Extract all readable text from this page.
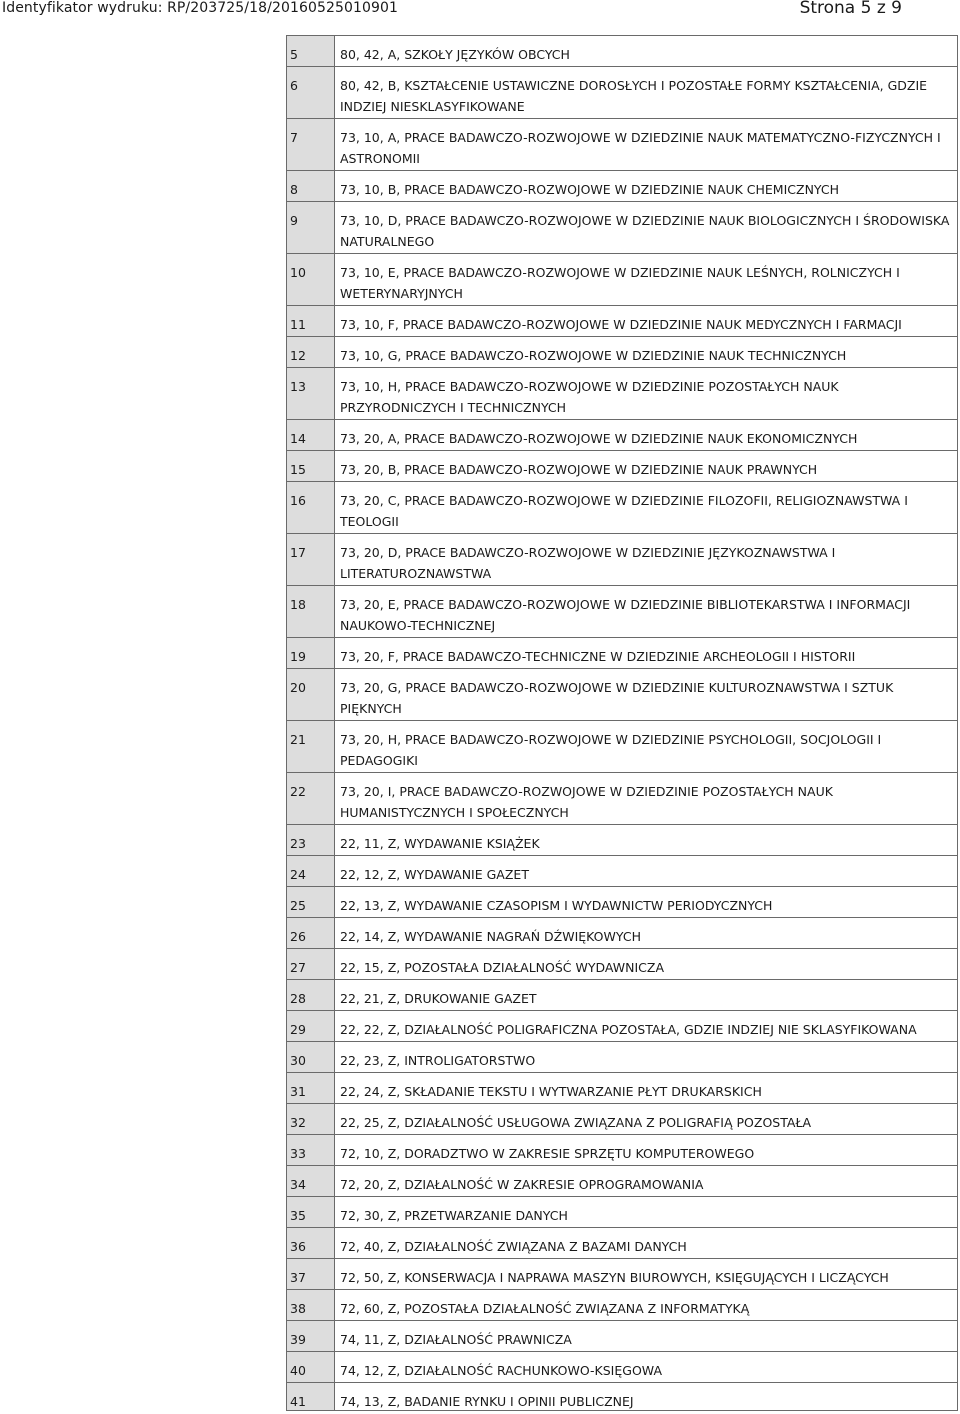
Identyfikator wydruku: RP/203725/18/20160525010901	Strona 5 z 9
5	80, 42, A, SZKOŁY JĘZYKÓW OBCYCH
6	80, 42, B, KSZTAŁCENIE USTAWICZNE DOROSŁYCH I POZOSTAŁE FORMY KSZTAŁCENIA, GDZIE INDZIEJ NIESKLASYFIKOWANE
7	73, 10, A, PRACE BADAWCZO-ROZWOJOWE W DZIEDZINIE NAUK MATEMATYCZNO-FIZYCZNYCH I ASTRONOMII
8	73, 10, B, PRACE BADAWCZO-ROZWOJOWE W DZIEDZINIE NAUK CHEMICZNYCH
9	73, 10, D, PRACE BADAWCZO-ROZWOJOWE W DZIEDZINIE NAUK BIOLOGICZNYCH I ŚRODOWISKA NATURALNEGO
10	73, 10, E, PRACE BADAWCZO-ROZWOJOWE W DZIEDZINIE NAUK LEŚNYCH, ROLNICZYCH I WETERYNARYJNYCH
11	73, 10, F, PRACE BADAWCZO-ROZWOJOWE W DZIEDZINIE NAUK MEDYCZNYCH I FARMACJI
12	73, 10, G, PRACE BADAWCZO-ROZWOJOWE W DZIEDZINIE NAUK TECHNICZNYCH
13	73, 10, H, PRACE BADAWCZO-ROZWOJOWE W DZIEDZINIE POZOSTAŁYCH NAUK PRZYRODNICZYCH I TECHNICZNYCH
14	73, 20, A, PRACE BADAWCZO-ROZWOJOWE W DZIEDZINIE NAUK EKONOMICZNYCH
15	73, 20, B, PRACE BADAWCZO-ROZWOJOWE W DZIEDZINIE NAUK PRAWNYCH
16	73, 20, C, PRACE BADAWCZO-ROZWOJOWE W DZIEDZINIE FILOZOFII, RELIGIOZNAWSTWA I TEOLOGII
17	73, 20, D, PRACE BADAWCZO-ROZWOJOWE W DZIEDZINIE JĘZYKOZNAWSTWA I LITERATUROZNAWSTWA
18	73, 20, E, PRACE BADAWCZO-ROZWOJOWE W DZIEDZINIE BIBLIOTEKARSTWA I INFORMACJI NAUKOWO-TECHNICZNEJ
19	73, 20, F, PRACE BADAWCZO-TECHNICZNE W DZIEDZINIE ARCHEOLOGII I HISTORII
20	73, 20, G, PRACE BADAWCZO-ROZWOJOWE W DZIEDZINIE KULTUROZNAWSTWA I SZTUK PIĘKNYCH
21	73, 20, H, PRACE BADAWCZO-ROZWOJOWE W DZIEDZINIE PSYCHOLOGII, SOCJOLOGII I PEDAGOGIKI
22	73, 20, I, PRACE BADAWCZO-ROZWOJOWE W DZIEDZINIE POZOSTAŁYCH NAUK HUMANISTYCZNYCH I SPOŁECZNYCH
23	22, 11, Z, WYDAWANIE KSIĄŻEK
24	22, 12, Z, WYDAWANIE GAZET
25	22, 13, Z, WYDAWANIE CZASOPISM I WYDAWNICTW PERIODYCZNYCH
26	22, 14, Z, WYDAWANIE NAGRAŃ DŹWIĘKOWYCH
27	22, 15, Z, POZOSTAŁA DZIAŁALNOŚĆ WYDAWNICZA
28	22, 21, Z, DRUKOWANIE GAZET
29	22, 22, Z, DZIAŁALNOŚĆ POLIGRAFICZNA POZOSTAŁA, GDZIE INDZIEJ NIE SKLASYFIKOWANA
30	22, 23, Z, INTROLIGATORSTWO
31	22, 24, Z, SKŁADANIE TEKSTU I WYTWARZANIE PŁYT DRUKARSKICH
32	22, 25, Z, DZIAŁALNOŚĆ USŁUGOWA ZWIĄZANA Z POLIGRAFIĄ POZOSTAŁA
33	72, 10, Z, DORADZTWO W ZAKRESIE SPRZĘTU KOMPUTEROWEGO
34	72, 20, Z, DZIAŁALNOŚĆ W ZAKRESIE OPROGRAMOWANIA
35	72, 30, Z, PRZETWARZANIE DANYCH
36	72, 40, Z, DZIAŁALNOŚĆ ZWIĄZANA Z BAZAMI DANYCH
37	72, 50, Z, KONSERWACJA I NAPRAWA MASZYN BIUROWYCH, KSIĘGUJĄCYCH I LICZĄCYCH
38	72, 60, Z, POZOSTAŁA DZIAŁALNOŚĆ ZWIĄZANA Z INFORMATYKĄ
39	74, 11, Z, DZIAŁALNOŚĆ PRAWNICZA
40	74, 12, Z, DZIAŁALNOŚĆ RACHUNKOWO-KSIĘGOWA
41	74, 13, Z, BADANIE RYNKU I OPINII PUBLICZNEJ
